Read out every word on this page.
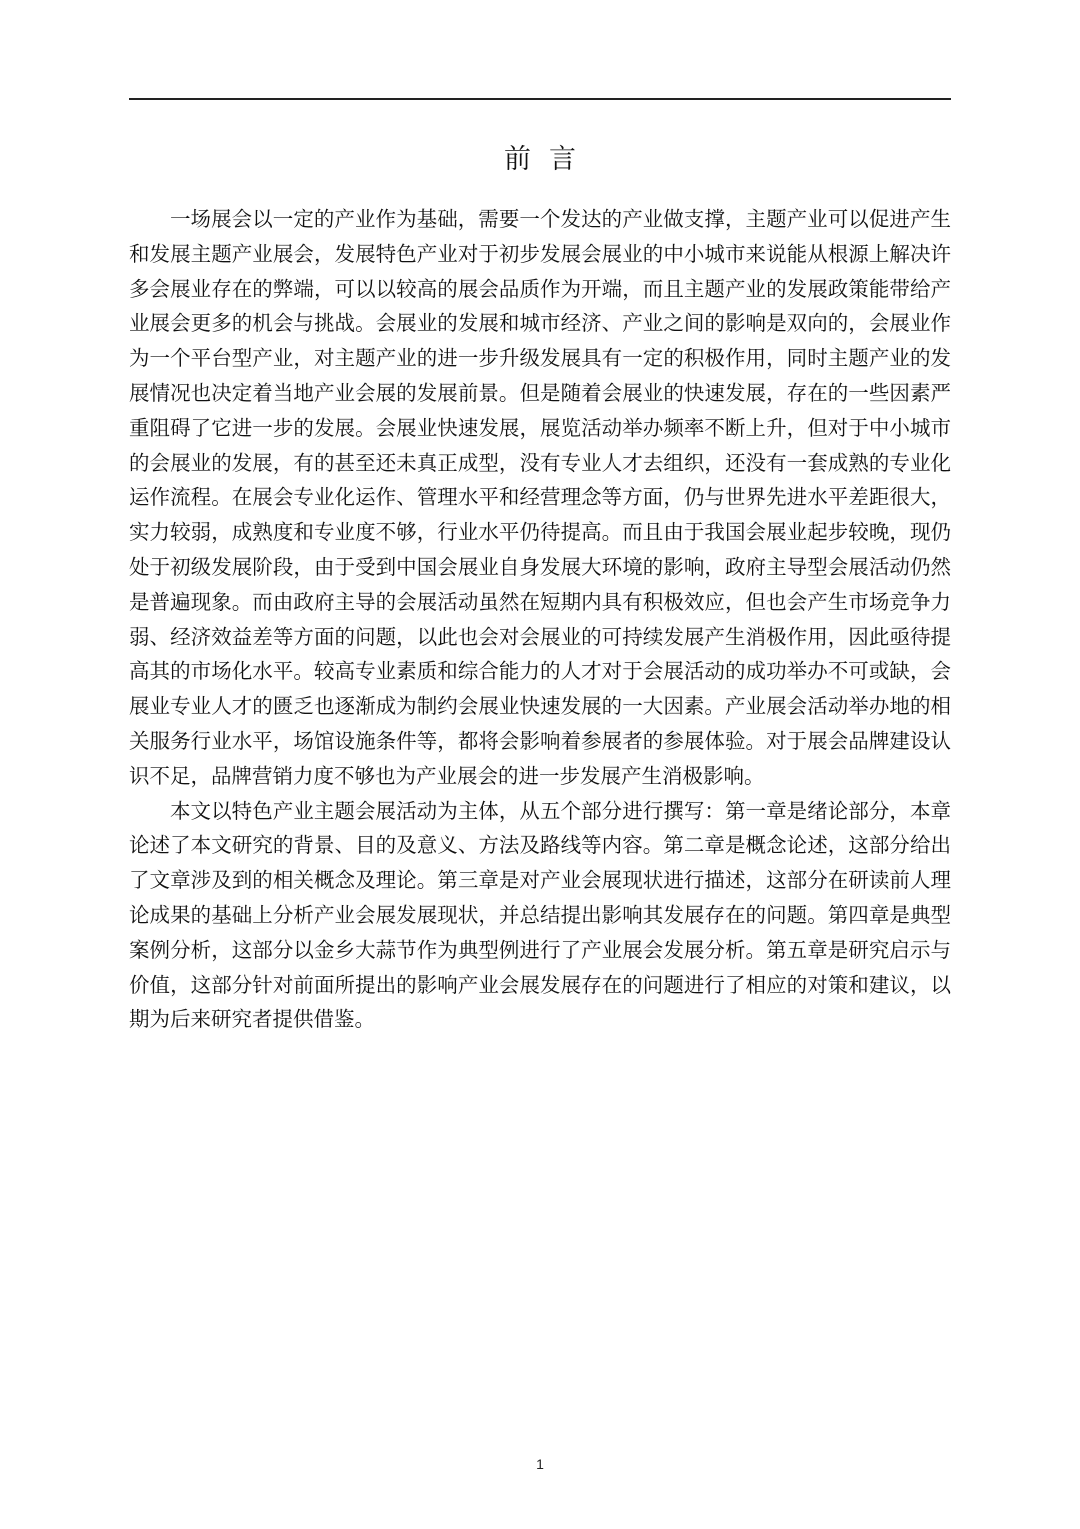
前言

一场展会以一定的产业作为基础，需要一个发达的产业做支撑，主题产业可以促进产生和发展主题产业展会，发展特色产业对于初步发展会展业的中小城市来说能从根源上解决许多会展业存在的弊端，可以以较高的展会品质作为开端，而且主题产业的发展政策能带给产业展会更多的机会与挑战。会展业的发展和城市经济、产业之间的影响是双向的，会展业作为一个平台型产业，对主题产业的进一步升级发展具有一定的积极作用，同时主题产业的发展情况也决定着当地产业会展的发展前景。但是随着会展业的快速发展，存在的一些因素严重阻碍了它进一步的发展。会展业快速发展，展览活动举办频率不断上升，但对于中小城市的会展业的发展，有的甚至还未真正成型，没有专业人才去组织，还没有一套成熟的专业化运作流程。在展会专业化运作、管理水平和经营理念等方面，仍与世界先进水平差距很大，实力较弱，成熟度和专业度不够，行业水平仍待提高。而且由于我国会展业起步较晚，现仍处于初级发展阶段，由于受到中国会展业自身发展大环境的影响，政府主导型会展活动仍然是普遍现象。而由政府主导的会展活动虽然在短期内具有积极效应，但也会产生市场竞争力弱、经济效益差等方面的问题，以此也会对会展业的可持续发展产生消极作用，因此亟待提高其的市场化水平。较高专业素质和综合能力的人才对于会展活动的成功举办不可或缺，会展业专业人才的匮乏也逐渐成为制约会展业快速发展的一大因素。产业展会活动举办地的相关服务行业水平，场馆设施条件等，都将会影响着参展者的参展体验。对于展会品牌建设认识不足，品牌营销力度不够也为产业展会的进一步发展产生消极影响。

本文以特色产业主题会展活动为主体，从五个部分进行撰写：第一章是绪论部分，本章论述了本文研究的背景、目的及意义、方法及路线等内容。第二章是概念论述，这部分给出了文章涉及到的相关概念及理论。第三章是对产业会展现状进行描述，这部分在研读前人理论成果的基础上分析产业会展发展现状，并总结提出影响其发展存在的问题。第四章是典型案例分析，这部分以金乡大蒜节作为典型例进行了产业展会发展分析。第五章是研究启示与价值，这部分针对前面所提出的影响产业会展发展存在的问题进行了相应的对策和建议，以期为后来研究者提供借鉴。

1
